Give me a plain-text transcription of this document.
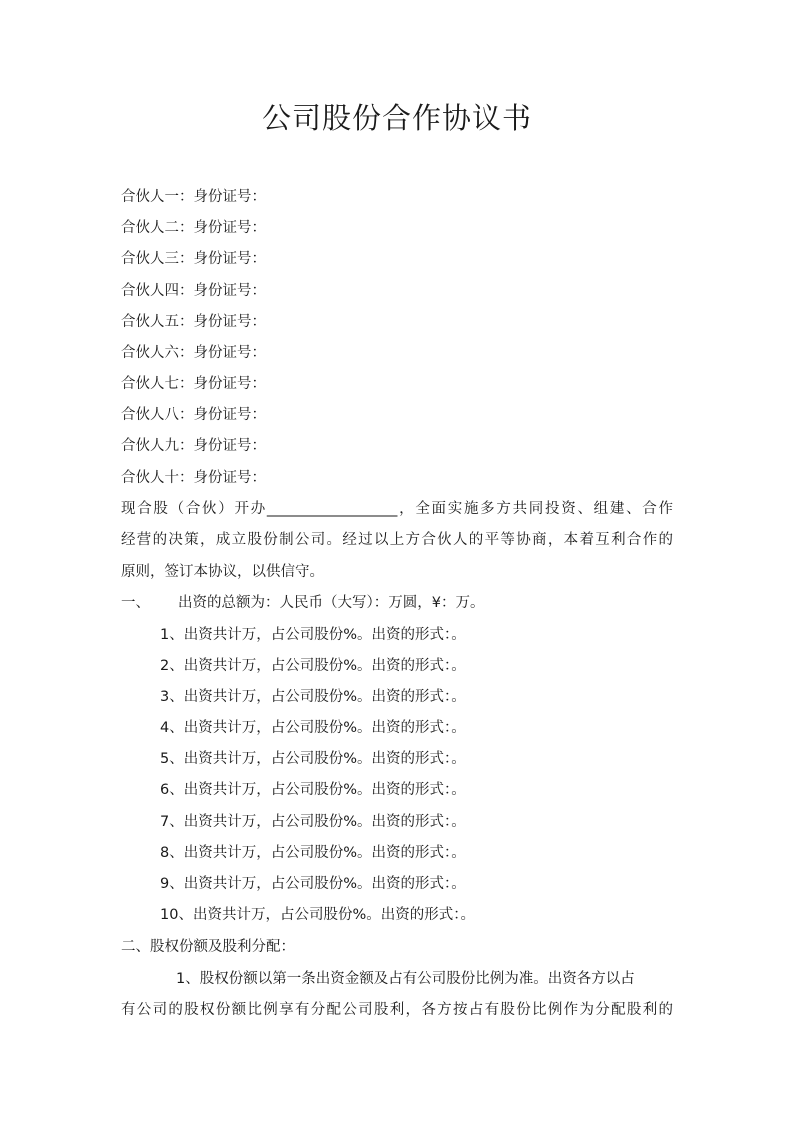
公司股份合作协议书
合伙人一：身份证号：
合伙人二：身份证号：
合伙人三：身份证号：
合伙人四：身份证号：
合伙人五：身份证号：
合伙人六：身份证号：
合伙人七：身份证号：
合伙人八：身份证号：
合伙人九：身份证号：
合伙人十：身份证号：
现合股（合伙）开办__________________，全面实施多方共同投资、组建、合作
经营的决策，成立股份制公司。经过以上方合伙人的平等协商，本着互利合作的
原则，签订本协议，以供信守。
一、 出资的总额为：人民币（大写）：万圆，¥：万。
1、出资共计万，占公司股份%。出资的形式：。
2、出资共计万，占公司股份%。出资的形式：。
3、出资共计万，占公司股份%。出资的形式：。
4、出资共计万，占公司股份%。出资的形式：。
5、出资共计万，占公司股份%。出资的形式：。
6、出资共计万，占公司股份%。出资的形式：。
7、出资共计万，占公司股份%。出资的形式：。
8、出资共计万，占公司股份%。出资的形式：。
9、出资共计万，占公司股份%。出资的形式：。
10、出资共计万，占公司股份%。出资的形式：。
二、股权份额及股利分配：
1、股权份额以第一条出资金额及占有公司股份比例为准。出资各方以占
有公司的股权份额比例享有分配公司股利，各方按占有股份比例作为分配股利的
